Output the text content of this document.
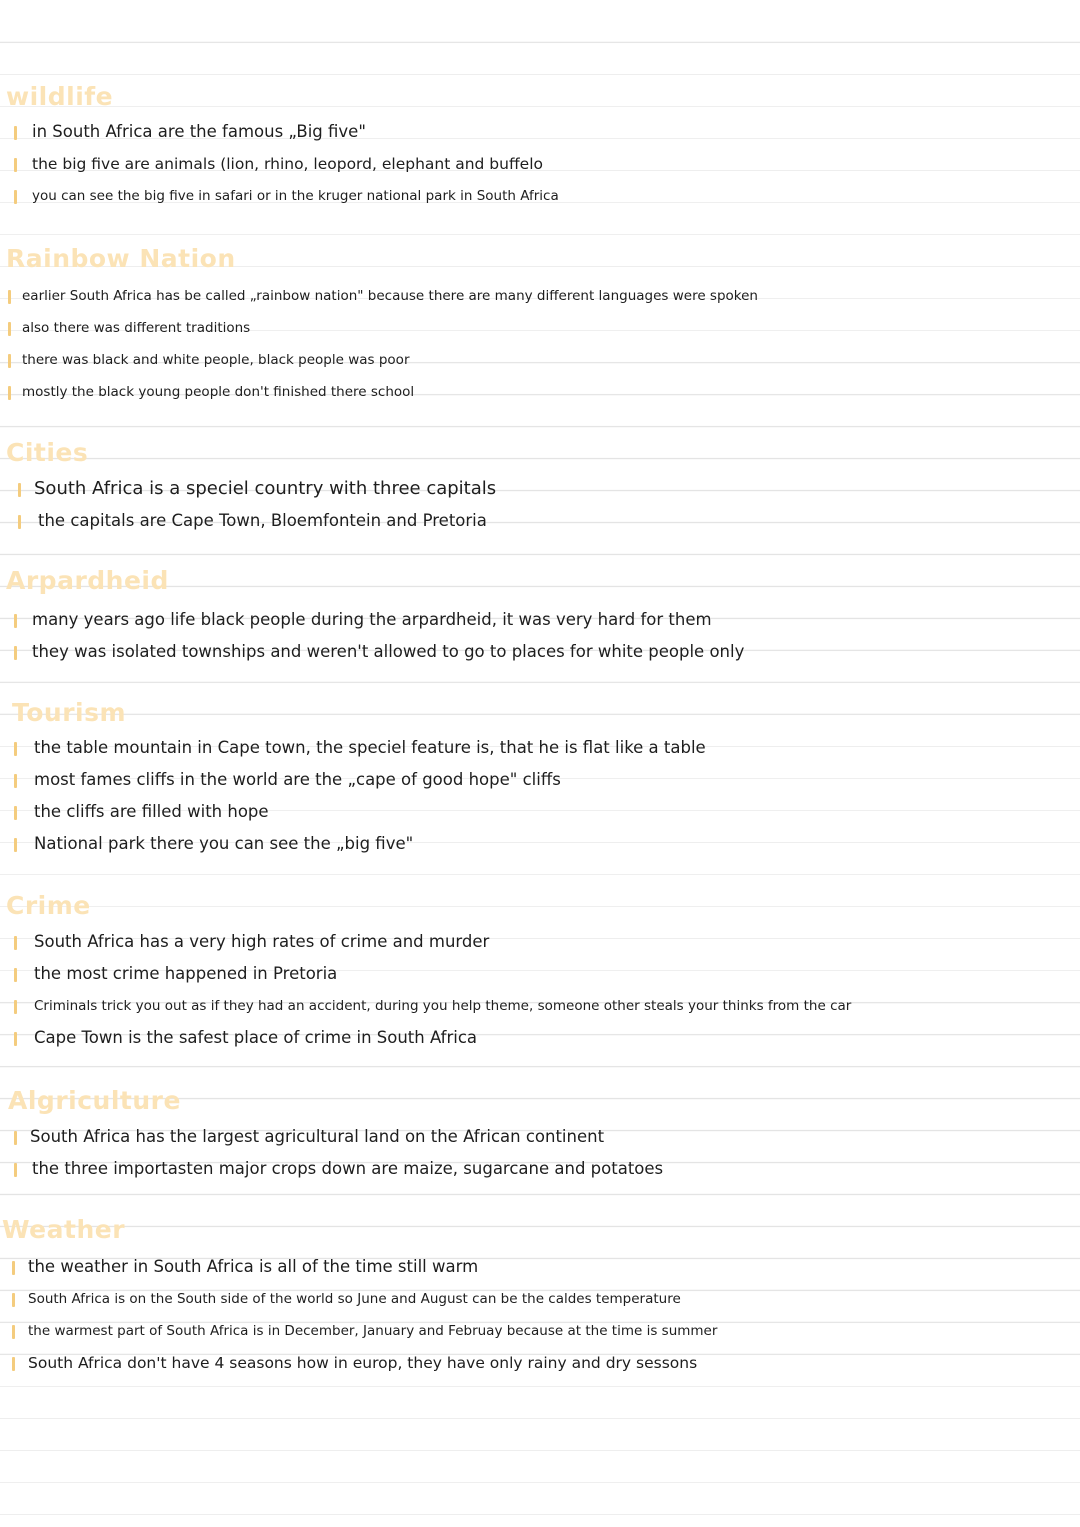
wildlife
in South Africa are the famous „Big five"
the big five are animals (lion, rhino, leopord, elephant and buffelo
you can see the big five in safari or in the kruger national park in South Africa
Rainbow Nation
earlier South Africa has be called „rainbow nation" because there are many different languages were spoken
also there was different traditions
there was black and white people, black people was poor
mostly the black young people don't finished there school
Cities
South Africa is a speciel country with three capitals
the capitals are Cape Town, Bloemfontein and Pretoria
Arpardheid
many years ago life black people during the arpardheid, it was very hard for them
they was isolated townships and weren't allowed to go to places for white people only
Tourism
the table mountain in Cape town, the speciel feature is, that he is flat like a table
most fames cliffs in the world are the „cape of good hope" cliffs
the cliffs are filled with hope
National park there you can see the „big five"
Crime
South Africa has a very high rates of crime and murder
the most crime happened in Pretoria
Criminals trick you out as if they had an accident, during you help theme, someone other steals your thinks from the car
Cape Town is the safest place of crime in South Africa
Algriculture
South Africa has the largest agricultural land on the African continent
the three importasten major crops down are maize, sugarcane and potatoes
Weather
the weather in South Africa is all of the time still warm
South Africa is on the South side of the world so June and August can be the caldes temperature
the warmest part of South Africa is in December, January and Februay because at the time is summer
South Africa don't have 4 seasons how in europ, they have only rainy and dry sessons
